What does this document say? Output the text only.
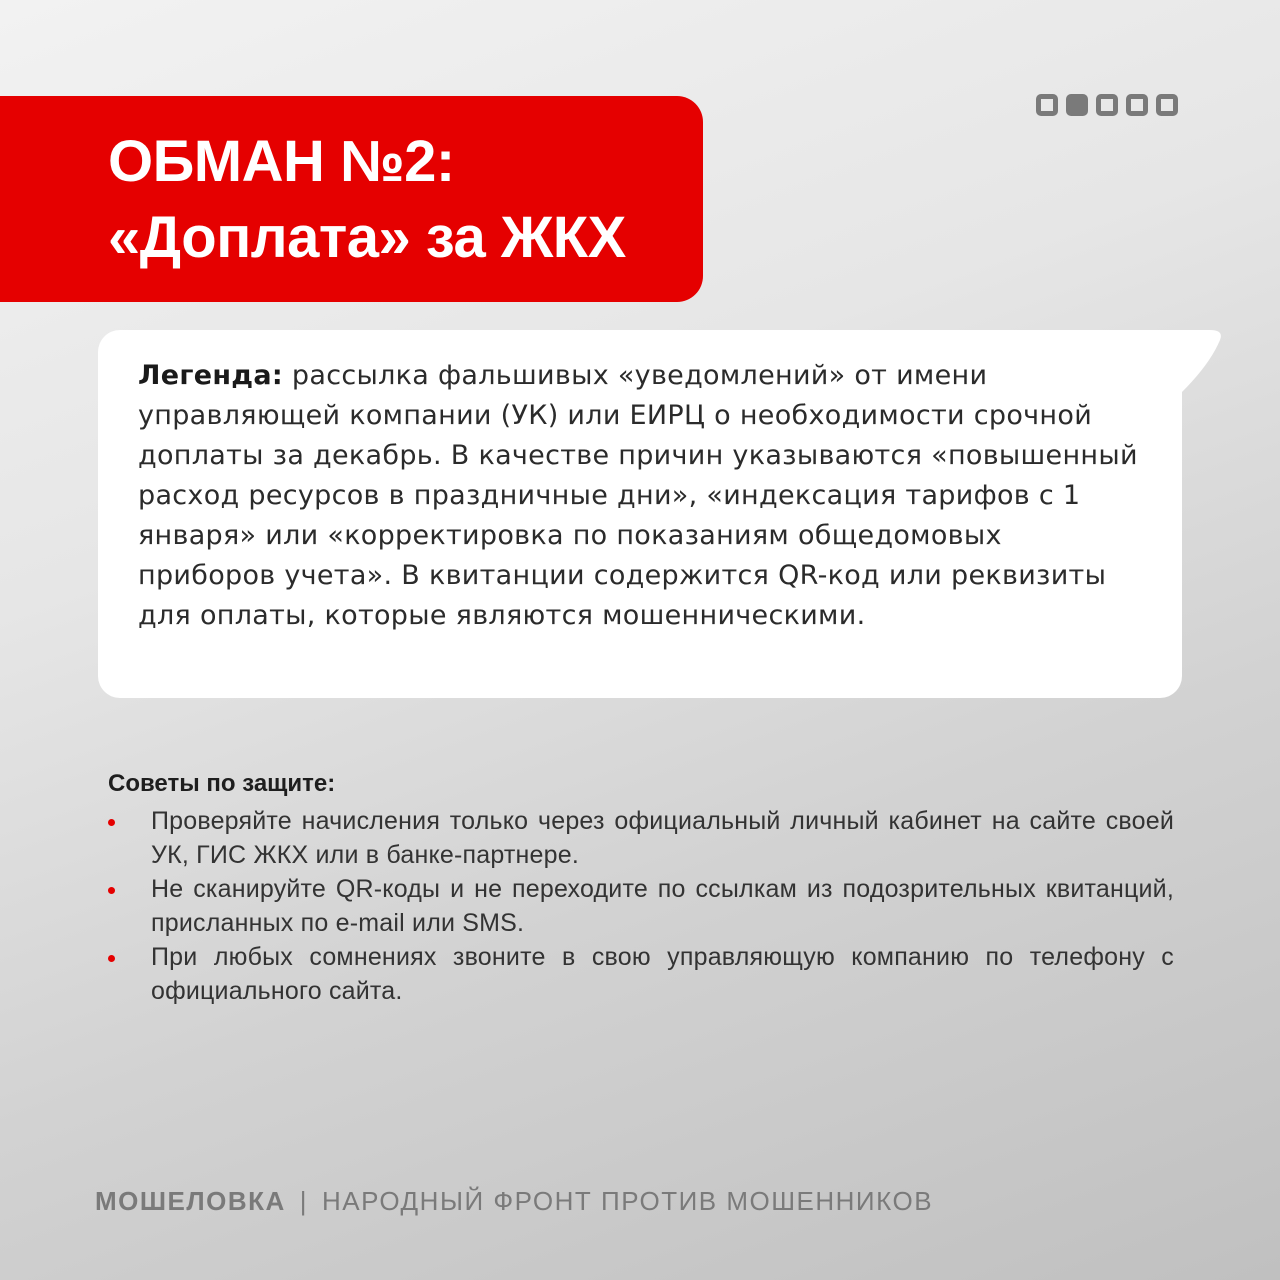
ОБМАН №2:
«Доплата» за ЖКХ
Легенда: рассылка фальшивых «уведомлений» от имени управляющей компании (УК) или ЕИРЦ о необходимости срочной доплаты за декабрь. В качестве причин указываются «повышенный расход ресурсов в праздничные дни», «индексация тарифов с 1 января» или «корректировка по показаниям общедомовых приборов учета». В квитанции содержится QR-код или реквизиты для оплаты, которые являются мошенническими.
Советы по защите:
Проверяйте начисления только через официальный личный кабинет на сайте своей УК, ГИС ЖКХ или в банке-партнере.
Не сканируйте QR-коды и не переходите по ссылкам из подозрительных квитанций, присланных по e-mail или SMS.
При любых сомнениях звоните в свою управляющую компанию по телефону с официального сайта.
МОШЕЛОВКА | НАРОДНЫЙ ФРОНТ ПРОТИВ МОШЕННИКОВ
